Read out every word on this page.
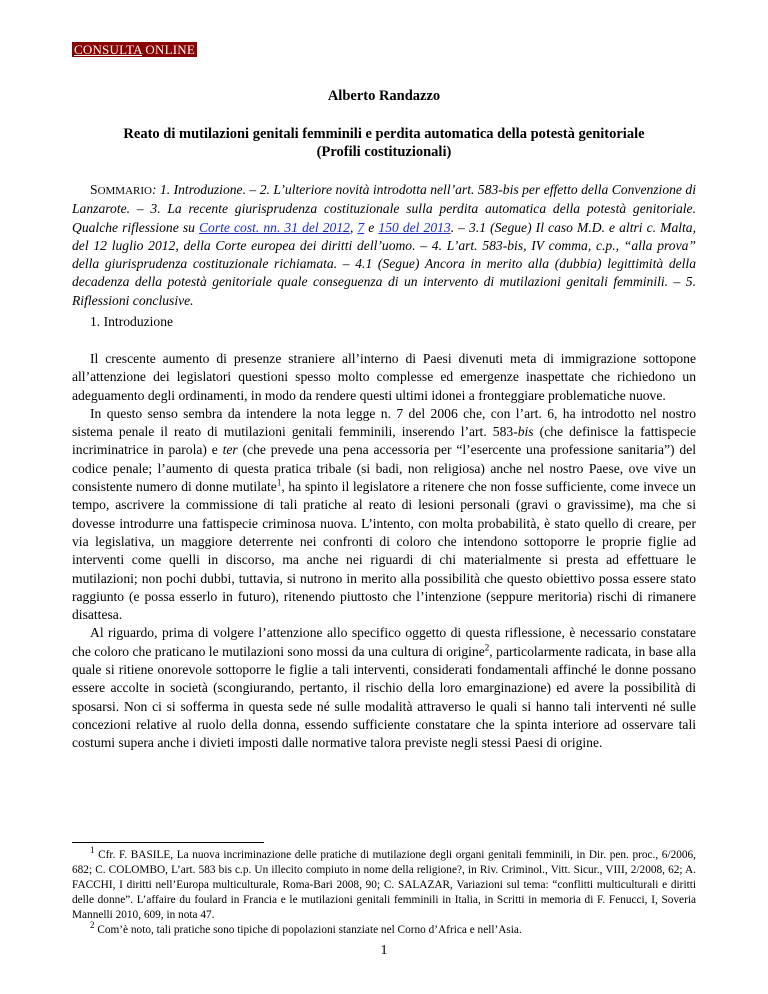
CONSULTA ONLINE
Alberto Randazzo
Reato di mutilazioni genitali femminili e perdita automatica della potestà genitoriale
(Profili costituzionali)

SOMMARIO: 1. Introduzione. – 2. L’ulteriore novità introdotta nell’art. 583-bis per effetto della Convenzione di Lanzarote. – 3. La recente giurisprudenza costituzionale sulla perdita automatica della potestà genitoriale. Qualche riflessione su Corte cost. nn. 31 del 2012, 7 e 150 del 2013. – 3.1 (Segue) Il caso M.D. e altri c. Malta, del 12 luglio 2012, della Corte europea dei diritti dell’uomo. – 4. L’art. 583-bis, IV comma, c.p., “alla prova” della giurisprudenza costituzionale richiamata. – 4.1 (Segue) Ancora in merito alla (dubbia) legittimità della decadenza della potestà genitoriale quale conseguenza di un intervento di mutilazioni genitali femminili. – 5. Riflessioni conclusive.

1. Introduzione

Il crescente aumento di presenze straniere all’interno di Paesi divenuti meta di immigrazione sottopone all’attenzione dei legislatori questioni spesso molto complesse ed emergenze inaspettate che richiedono un adeguamento degli ordinamenti, in modo da rendere questi ultimi idonei a fronteggiare problematiche nuove.

In questo senso sembra da intendere la nota legge n. 7 del 2006 che, con l’art. 6, ha introdotto nel nostro sistema penale il reato di mutilazioni genitali femminili, inserendo l’art. 583-bis (che definisce la fattispecie incriminatrice in parola) e ter (che prevede una pena accessoria per “l’esercente una professione sanitaria”) del codice penale; l’aumento di questa pratica tribale (si badi, non religiosa) anche nel nostro Paese, ove vive un consistente numero di donne mutilate$^1$, ha spinto il legislatore a ritenere che non fosse sufficiente, come invece un tempo, ascrivere la commissione di tali pratiche al reato di lesioni personali (gravi o gravissime), ma che si dovesse introdurre una fattispecie criminosa nuova. L’intento, con molta probabilità, è stato quello di creare, per via legislativa, un maggiore deterrente nei confronti di coloro che intendono sottoporre le proprie figlie ad interventi come quelli in discorso, ma anche nei riguardi di chi materialmente si presta ad effettuare le mutilazioni; non pochi dubbi, tuttavia, si nutrono in merito alla possibilità che questo obiettivo possa essere stato raggiunto (e possa esserlo in futuro), ritenendo piuttosto che l’intenzione (seppure meritoria) rischi di rimanere disattesa.

Al riguardo, prima di volgere l’attenzione allo specifico oggetto di questa riflessione, è necessario constatare che coloro che praticano le mutilazioni sono mossi da una cultura di origine$^2$, particolarmente radicata, in base alla quale si ritiene onorevole sottoporre le figlie a tali interventi, considerati fondamentali affinché le donne possano essere accolte in società (scongiurando, pertanto, il rischio della loro emarginazione) ed avere la possibilità di sposarsi. Non ci si sofferma in questa sede né sulle modalità attraverso le quali si hanno tali interventi né sulle concezioni relative al ruolo della donna, essendo sufficiente constatare che la spinta interiore ad osservare tali costumi supera anche i divieti imposti dalle normative talora previste negli stessi Paesi di origine.

$^1$ Cfr. F. BASILE, La nuova incriminazione delle pratiche di mutilazione degli organi genitali femminili, in Dir. pen. proc., 6/2006, 682; C. COLOMBO, L’art. 583 bis c.p. Un illecito compiuto in nome della religione?, in Riv. Criminol., Vitt. Sicur., VIII, 2/2008, 62; A. FACCHI, I diritti nell’Europa multiculturale, Roma-Bari 2008, 90; C. SALAZAR, Variazioni sul tema: “conflitti multiculturali e diritti delle donne”. L’affaire du foulard in Francia e le mutilazioni genitali femminili in Italia, in Scritti in memoria di F. Fenucci, I, Soveria Mannelli 2010, 609, in nota 47.

$^2$ Com’è noto, tali pratiche sono tipiche di popolazioni stanziate nel Corno d’Africa e nell’Asia.

1
